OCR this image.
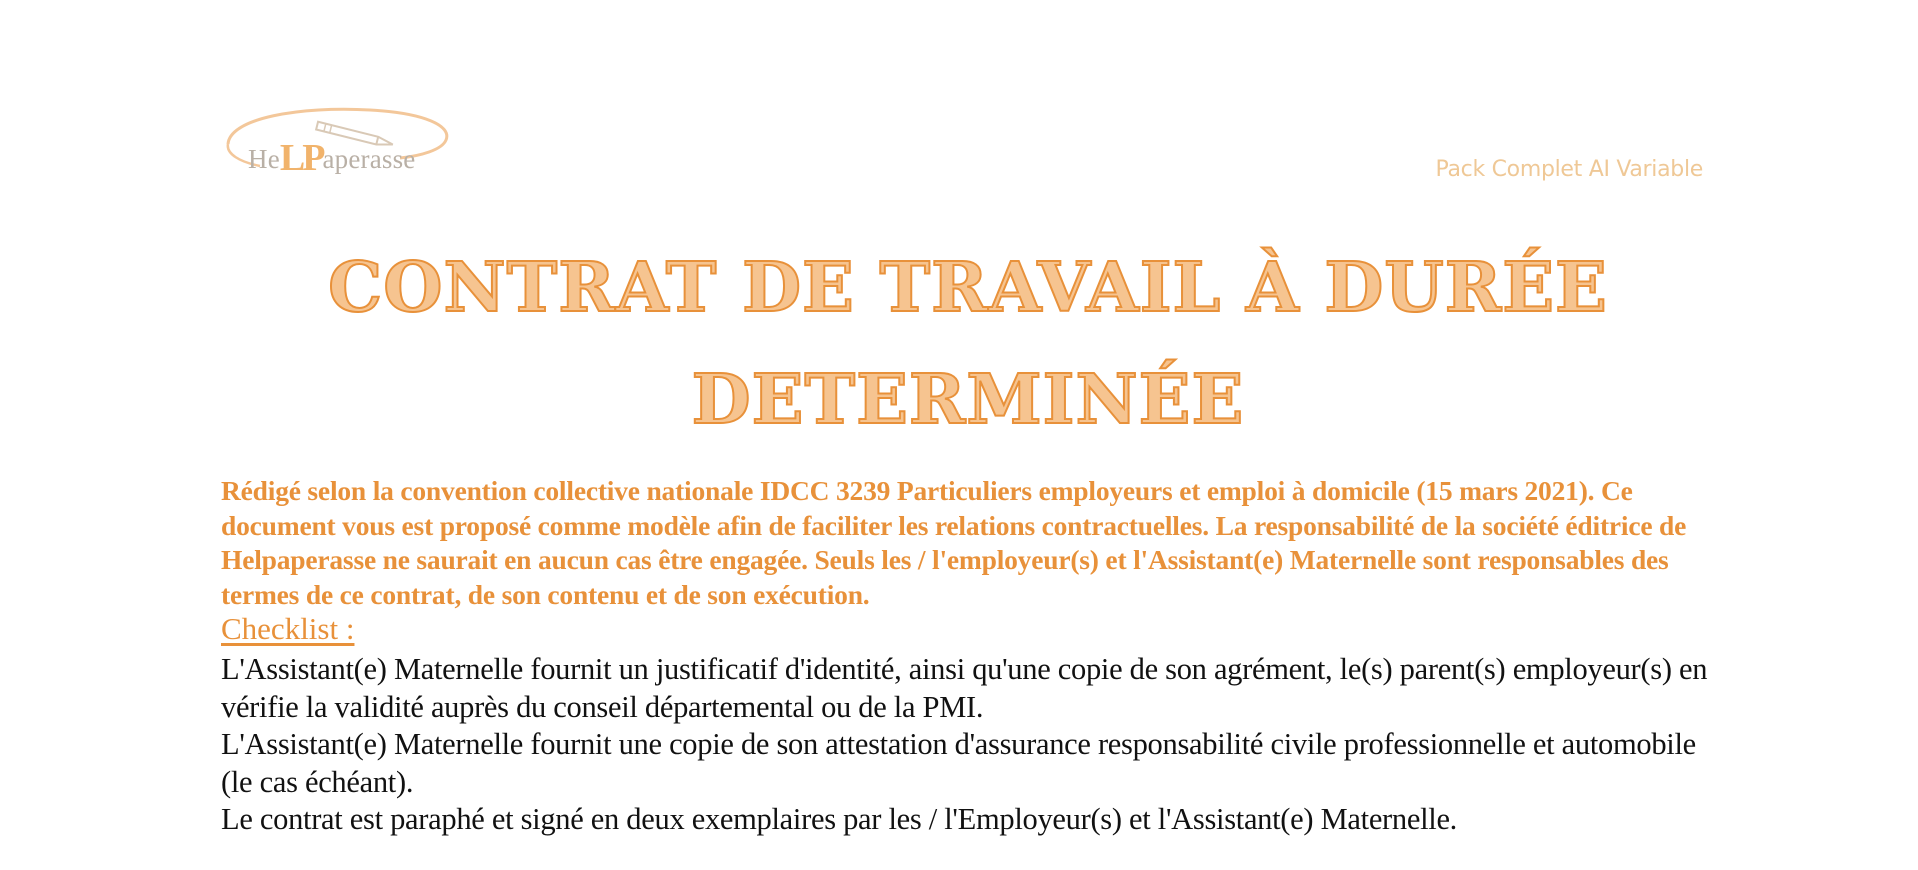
HeLPaperasse	Pack Complet AI Variable
CONTRAT DE TRAVAIL À DURÉE
DETERMINÉE
Rédigé selon la convention collective nationale IDCC 3239 Particuliers employeurs et emploi à domicile (15 mars 2021). Ce document vous est proposé comme modèle afin de faciliter les relations contractuelles. La responsabilité de la société éditrice de Helpaperasse ne saurait en aucun cas être engagée. Seuls les / l'employeur(s) et l'Assistant(e) Maternelle sont responsables des termes de ce contrat, de son contenu et de son exécution.
Checklist :

L'Assistant(e) Maternelle fournit un justificatif d'identité, ainsi qu'une copie de son agrément, le(s) parent(s) employeur(s) en vérifie la validité auprès du conseil départemental ou de la PMI.

L'Assistant(e) Maternelle fournit une copie de son attestation d'assurance responsabilité civile professionnelle et automobile (le cas échéant).

Le contrat est paraphé et signé en deux exemplaires par les / l'Employeur(s) et l'Assistant(e) Maternelle.
